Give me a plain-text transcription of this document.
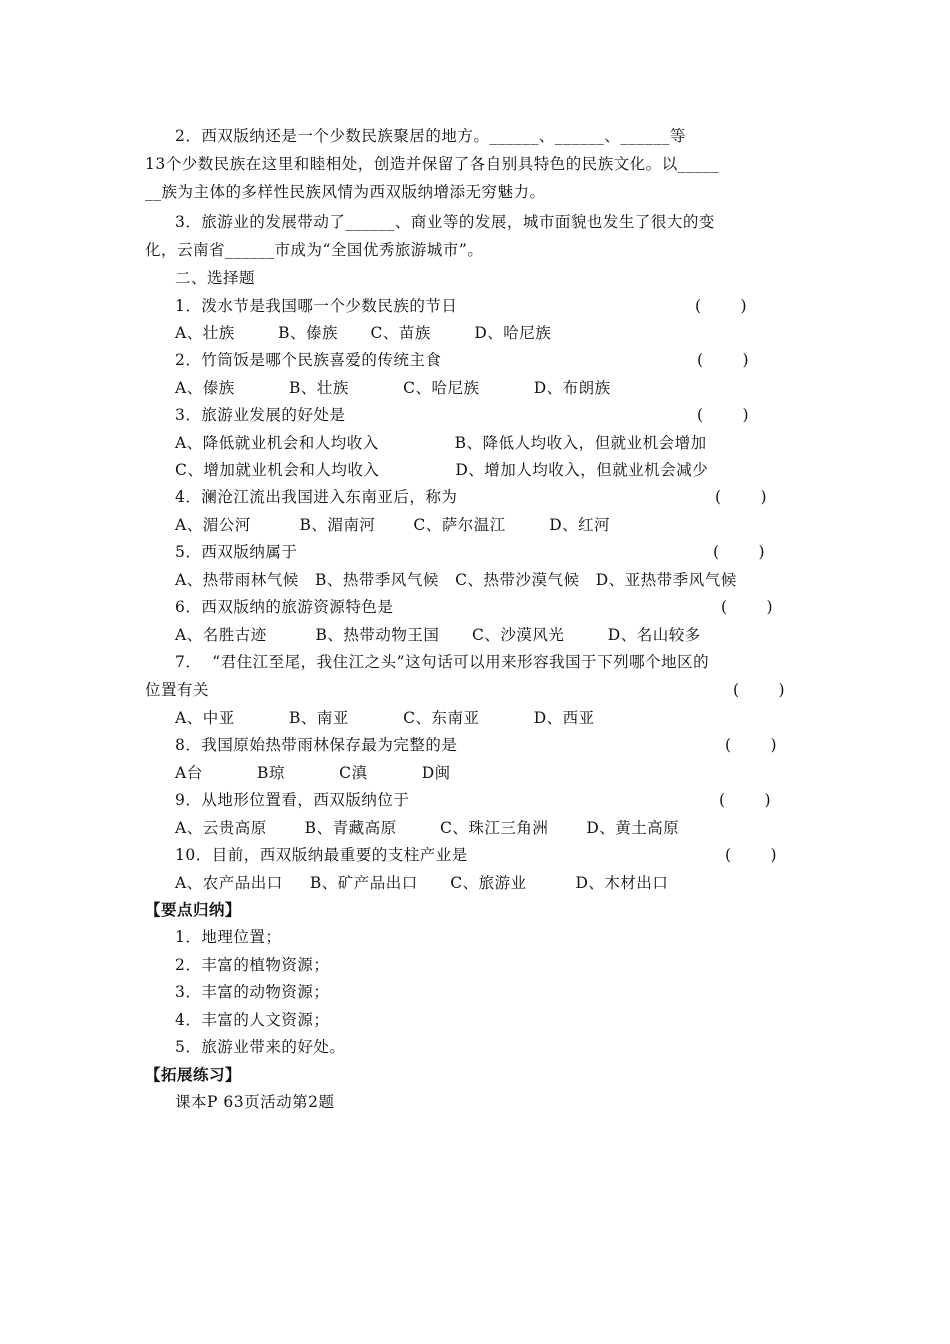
2．西双版纳还是一个少数民族聚居的地方。______、______、______等
13个少数民族在这里和睦相处，创造并保留了各自别具特色的民族文化。以_____
__族为主体的多样性民族风情为西双版纳增添无穷魅力。
3．旅游业的发展带动了______、商业等的发展，城市面貌也发生了很大的变
化，云南省______市成为“全国优秀旅游城市”。
二、选择题
1．泼水节是我国哪一个少数民族的节日	(        )
A、壮族        B、傣族      C、苗族        D、哈尼族
2．竹筒饭是哪个民族喜爱的传统主食	(        )
A、傣族          B、壮族          C、哈尼族          D、布朗族
3．旅游业发展的好处是	(        )
A、降低就业机会和人均收入              B、降低人均收入，但就业机会增加
C、增加就业机会和人均收入              D、增加人均收入，但就业机会减少
4．澜沧江流出我国进入东南亚后，称为	(        )
A、湄公河         B、湄南河       C、萨尔温江        D、红河
5．西双版纳属于	(        )
A、热带雨林气候   B、热带季风气候   C、热带沙漠气候   D、亚热带季风气候
6．西双版纳的旅游资源特色是	(        )
A、名胜古迹         B、热带动物王国      C、沙漠风光        D、名山较多
7．  “君住江至尾，我住江之头”这句话可以用来形容我国于下列哪个地区的
位置有关	(        )
A、中亚          B、南亚          C、东南亚          D、西亚
8．我国原始热带雨林保存最为完整的是	(        )
A台          B琼          C滇          D闽
9．从地形位置看，西双版纳位于	(        )
A、云贵高原       B、青藏高原        C、珠江三角洲       D、黄土高原
10．目前，西双版纳最重要的支柱产业是	(        )
A、农产品出口     B、矿产品出口      C、旅游业         D、木材出口
【要点归纳】
1．地理位置；
2．丰富的植物资源；
3．丰富的动物资源；
4．丰富的人文资源；
5．旅游业带来的好处。
【拓展练习】
课本P 63页活动第2题
